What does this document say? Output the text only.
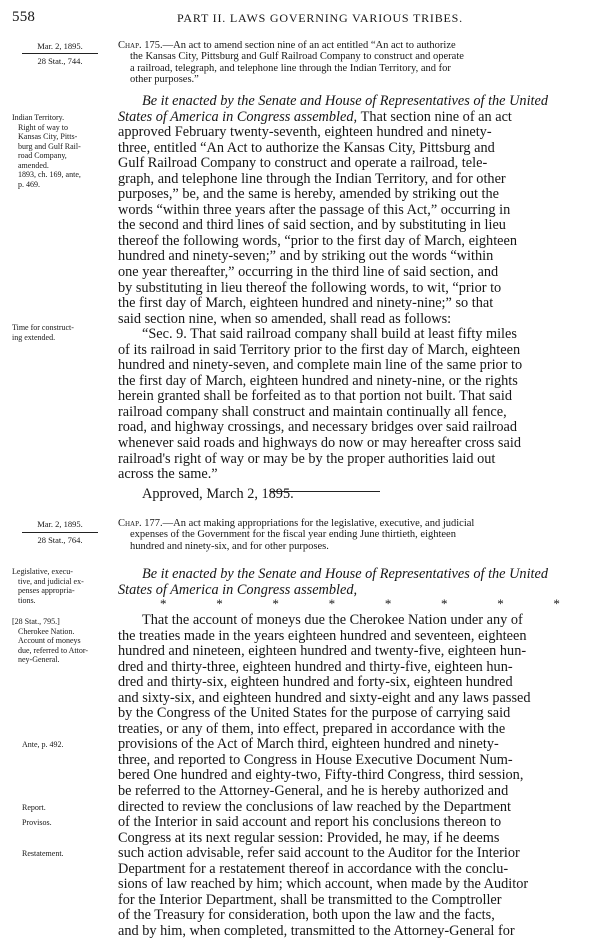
558	PART II. LAWS GOVERNING VARIOUS TRIBES.
Mar. 2, 1895.
28 Stat., 744.
Chap. 175.—An act to amend section nine of an act entitled “An act to authorize
the Kansas City, Pittsburg and Gulf Railroad Company to construct and operate
a railroad, telegraph, and telephone line through the Indian Territory, and for
other purposes.”
Indian Territory.
Right of way to
Kansas City, Pitts-
burg and Gulf Rail-
road Company,
amended.
1893, ch. 169, ante,
p. 469.
Be it enacted by the Senate and House of Representatives of the United
States of America in Congress assembled, That section nine of an act
approved February twenty-seventh, eighteen hundred and ninety-
three, entitled “An Act to authorize the Kansas City, Pittsburg and
Gulf Railroad Company to construct and operate a railroad, tele-
graph, and telephone line through the Indian Territory, and for other
purposes,” be, and the same is hereby, amended by striking out the
words “within three years after the passage of this Act,” occurring in
the second and third lines of said section, and by substituting in lieu
thereof the following words, “prior to the first day of March, eighteen
hundred and ninety-seven;” and by striking out the words “within
one year thereafter,” occurring in the third line of said section, and
by substituting in lieu thereof the following words, to wit, “prior to
the first day of March, eighteen hundred and ninety-nine;” so that
said section nine, when so amended, shall read as follows:
“Sec. 9. That said railroad company shall build at least fifty miles
of its railroad in said Territory prior to the first day of March, eighteen
hundred and ninety-seven, and complete main line of the same prior to
the first day of March, eighteen hundred and ninety-nine, or the rights
herein granted shall be forfeited as to that portion not built. That said
railroad company shall construct and maintain continually all fence,
road, and highway crossings, and necessary bridges over said railroad
whenever said roads and highways do now or may hereafter cross said
railroad's right of way or may be by the proper authorities laid out
across the same.”
Approved, March 2, 1895.
Time for construct-
ing extended.
Mar. 2, 1895.
28 Stat., 764.
Chap. 177.—An act making appropriations for the legislative, executive, and judicial
expenses of the Government for the fiscal year ending June thirtieth, eighteen
hundred and ninety-six, and for other purposes.
Legislative, execu-
tive, and judicial ex-
penses appropria-
tions.
Be it enacted by the Senate and House of Representatives of the United
States of America in Congress assembled,
*	*	*	*	*	*	*	*
[28 Stat., 795.]
Cherokee Nation.
Account of moneys
due, referred to Attor-
ney-General.
That the account of moneys due the Cherokee Nation under any of
the treaties made in the years eighteen hundred and seventeen, eighteen
hundred and nineteen, eighteen hundred and twenty-five, eighteen hun-
dred and thirty-three, eighteen hundred and thirty-five, eighteen hun-
dred and thirty-six, eighteen hundred and forty-six, eighteen hundred
and sixty-six, and eighteen hundred and sixty-eight and any laws passed
by the Congress of the United States for the purpose of carrying said
treaties, or any of them, into effect, prepared in accordance with the
provisions of the Act of March third, eighteen hundred and ninety-
three, and reported to Congress in House Executive Document Num-
bered One hundred and eighty-two, Fifty-third Congress, third session,
be referred to the Attorney-General, and he is hereby authorized and
directed to review the conclusions of law reached by the Department
of the Interior in said account and report his conclusions thereon to
Congress at its next regular session: Provided, he may, if he deems
such action advisable, refer said account to the Auditor for the Interior
Department for a restatement thereof in accordance with the conclu-
sions of law reached by him; which account, when made by the Auditor
for the Interior Department, shall be transmitted to the Comptroller
of the Treasury for consideration, both upon the law and the facts,
and by him, when completed, transmitted to the Attorney-General for
Ante, p. 492.
Report.
Provisos.
Restatement.
